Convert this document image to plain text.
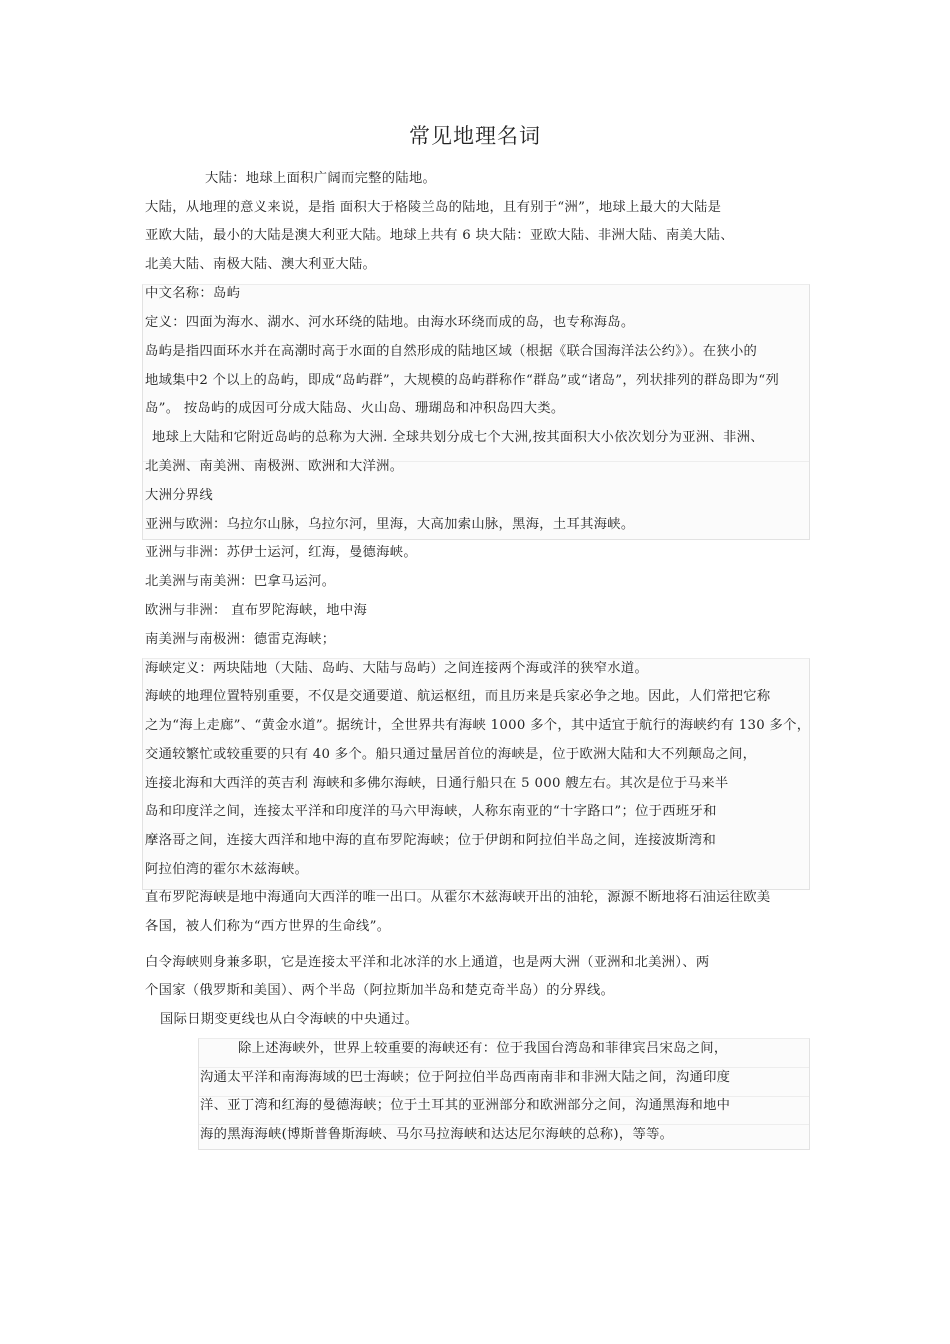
常见地理名词
大陆：地球上面积广阔而完整的陆地。
大陆，从地理的意义来说，是指 面积大于格陵兰岛的陆地，且有别于“洲”，地球上最大的大陆是
亚欧大陆，最小的大陆是澳大利亚大陆。地球上共有 6 块大陆：亚欧大陆、非洲大陆、南美大陆、
北美大陆、南极大陆、澳大利亚大陆。
中文名称：岛屿
定义：四面为海水、湖水、河水环绕的陆地。由海水环绕而成的岛，也专称海岛。
岛屿是指四面环水并在高潮时高于水面的自然形成的陆地区域（根据《联合国海洋法公约》）。在狭小的
地域集中2 个以上的岛屿，即成“岛屿群”，大规模的岛屿群称作“群岛”或“诸岛”，列状排列的群岛即为“列
岛”。 按岛屿的成因可分成大陆岛、火山岛、珊瑚岛和冲积岛四大类。
地球上大陆和它附近岛屿的总称为大洲. 全球共划分成七个大洲,按其面积大小依次划分为亚洲、非洲、
北美洲、南美洲、南极洲、欧洲和大洋洲。
大洲分界线
亚洲与欧洲：乌拉尔山脉，乌拉尔河，里海，大高加索山脉，黑海，土耳其海峡。
亚洲与非洲：苏伊士运河，红海，曼德海峡。
北美洲与南美洲：巴拿马运河。
欧洲与非洲： 直布罗陀海峡，地中海
南美洲与南极洲：德雷克海峡；
海峡定义：两块陆地（大陆、岛屿、大陆与岛屿）之间连接两个海或洋的狭窄水道。
海峡的地理位置特别重要，不仅是交通要道、航运枢纽，而且历来是兵家必争之地。因此，人们常把它称
之为“海上走廊”、“黄金水道”。据统计，全世界共有海峡 1000 多个，其中适宜于航行的海峡约有 130 多个，
交通较繁忙或较重要的只有 40 多个。船只通过量居首位的海峡是，位于欧洲大陆和大不列颠岛之间，
连接北海和大西洋的英吉利 海峡和多佛尔海峡，日通行船只在 5 000 艘左右。其次是位于马来半
岛和印度洋之间，连接太平洋和印度洋的马六甲海峡，人称东南亚的“十字路口”；位于西班牙和
摩洛哥之间，连接大西洋和地中海的直布罗陀海峡；位于伊朗和阿拉伯半岛之间，连接波斯湾和
阿拉伯湾的霍尔木兹海峡。
直布罗陀海峡是地中海通向大西洋的唯一出口。从霍尔木兹海峡开出的油轮，源源不断地将石油运往欧美
各国，被人们称为“西方世界的生命线”。
白令海峡则身兼多职，它是连接太平洋和北冰洋的水上通道，也是两大洲（亚洲和北美洲）、两
个国家（俄罗斯和美国）、两个半岛（阿拉斯加半岛和楚克奇半岛）的分界线。
国际日期变更线也从白令海峡的中央通过。
除上述海峡外，世界上较重要的海峡还有：位于我国台湾岛和菲律宾吕宋岛之间，
沟通太平洋和南海海域的巴士海峡；位于阿拉伯半岛西南南非和非洲大陆之间，沟通印度
洋、亚丁湾和红海的曼德海峡；位于土耳其的亚洲部分和欧洲部分之间，沟通黑海和地中
海的黑海海峡(博斯普鲁斯海峡、马尔马拉海峡和达达尼尔海峡的总称)，等等。
